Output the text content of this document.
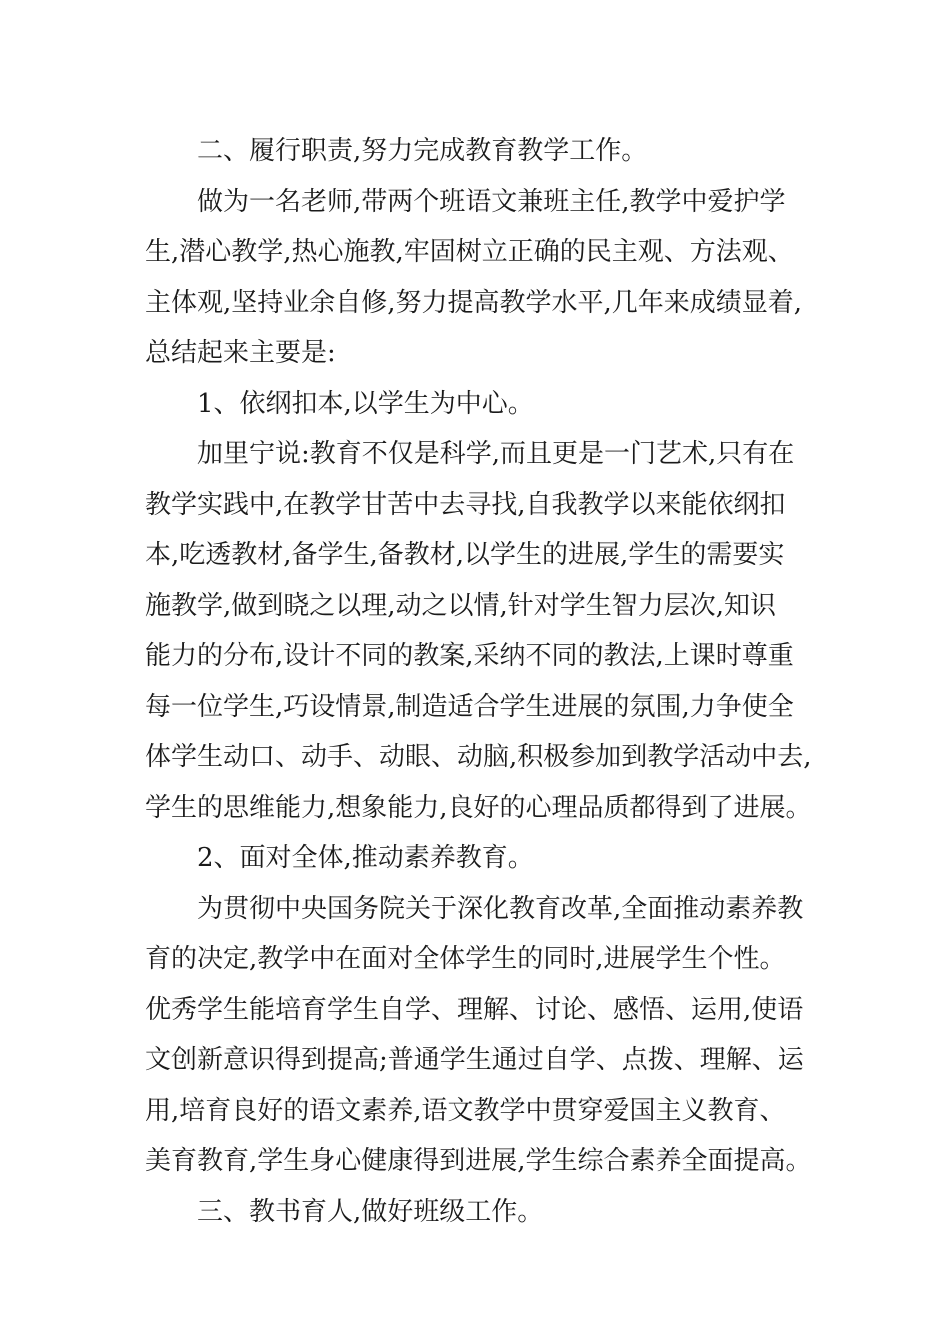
二、履行职责,努力完成教育教学工作。
做为一名老师,带两个班语文兼班主任,教学中爱护学
生,潜心教学,热心施教,牢固树立正确的民主观、方法观、
主体观,坚持业余自修,努力提高教学水平,几年来成绩显着,
总结起来主要是:
1、依纲扣本,以学生为中心。
加里宁说:教育不仅是科学,而且更是一门艺术,只有在
教学实践中,在教学甘苦中去寻找,自我教学以来能依纲扣
本,吃透教材,备学生,备教材,以学生的进展,学生的需要实
施教学,做到晓之以理,动之以情,针对学生智力层次,知识
能力的分布,设计不同的教案,采纳不同的教法,上课时尊重
每一位学生,巧设情景,制造适合学生进展的氛围,力争使全
体学生动口、动手、动眼、动脑,积极参加到教学活动中去,
学生的思维能力,想象能力,良好的心理品质都得到了进展。
2、面对全体,推动素养教育。
为贯彻中央国务院关于深化教育改革,全面推动素养教
育的决定,教学中在面对全体学生的同时,进展学生个性。
优秀学生能培育学生自学、理解、讨论、感悟、运用,使语
文创新意识得到提高;普通学生通过自学、点拨、理解、运
用,培育良好的语文素养,语文教学中贯穿爱国主义教育、
美育教育,学生身心健康得到进展,学生综合素养全面提高。
三、教书育人,做好班级工作。
